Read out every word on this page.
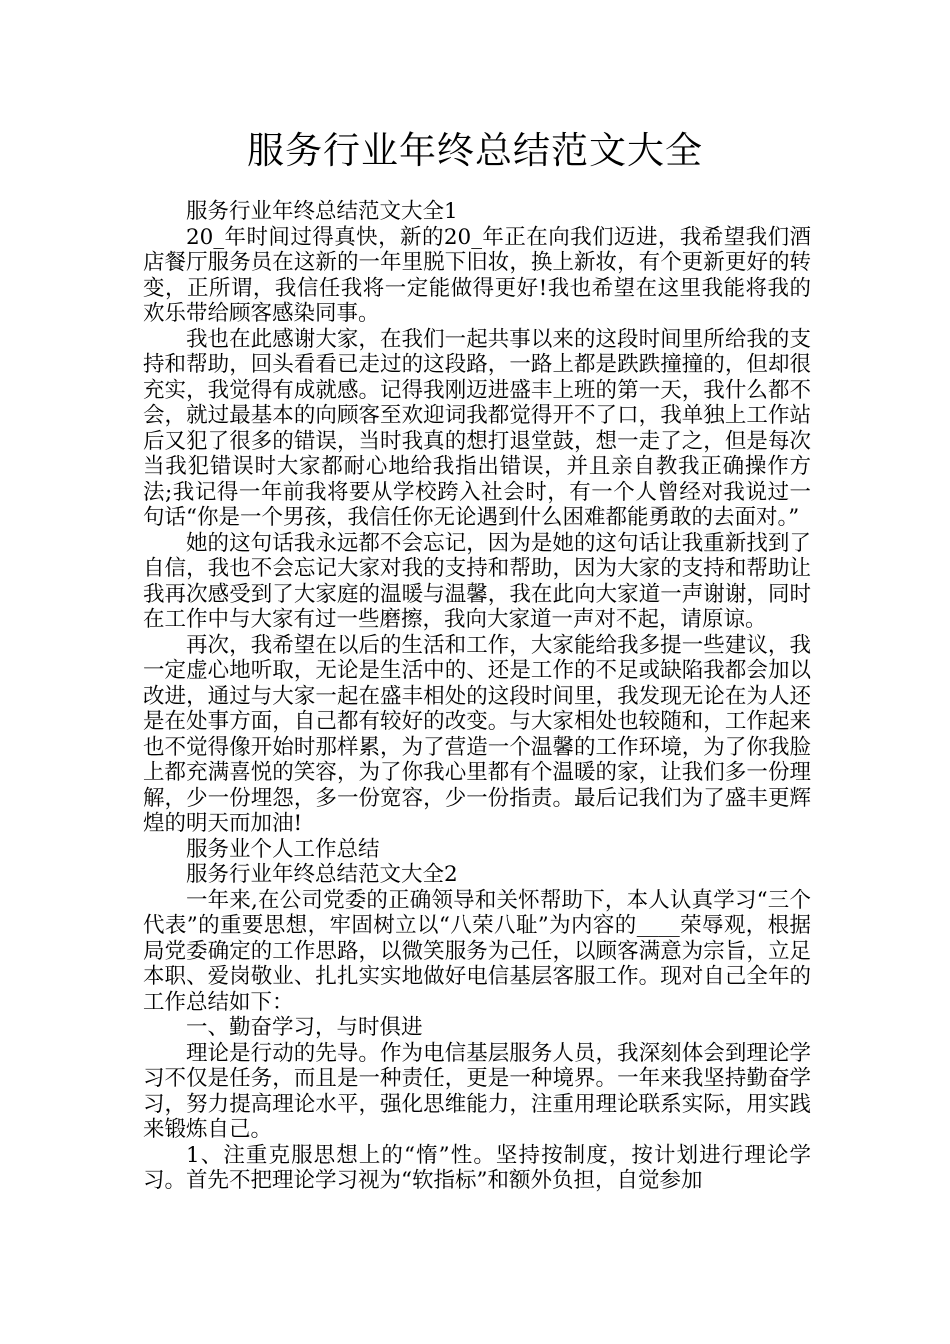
服务行业年终总结范文大全

服务行业年终总结范文大全1

20_年时间过得真快，新的20_年正在向我们迈进，我希望我们酒店餐厅服务员在这新的一年里脱下旧妆，换上新妆，有个更新更好的转变，正所谓，我信任我将一定能做得更好!我也希望在这里我能将我的欢乐带给顾客感染同事。

我也在此感谢大家，在我们一起共事以来的这段时间里所给我的支持和帮助，回头看看已走过的这段路，一路上都是跌跌撞撞的，但却很充实，我觉得有成就感。记得我刚迈进盛丰上班的第一天，我什么都不会，就过最基本的向顾客至欢迎词我都觉得开不了口，我单独上工作站后又犯了很多的错误，当时我真的想打退堂鼓，想一走了之，但是每次当我犯错误时大家都耐心地给我指出错误，并且亲自教我正确操作方法;我记得一年前我将要从学校跨入社会时，有一个人曾经对我说过一句话“你是一个男孩，我信任你无论遇到什么困难都能勇敢的去面对。”

她的这句话我永远都不会忘记，因为是她的这句话让我重新找到了自信，我也不会忘记大家对我的支持和帮助，因为大家的支持和帮助让我再次感受到了大家庭的温暖与温馨，我在此向大家道一声谢谢，同时在工作中与大家有过一些磨擦，我向大家道一声对不起，请原谅。

再次，我希望在以后的生活和工作，大家能给我多提一些建议，我一定虚心地听取，无论是生活中的、还是工作的不足或缺陷我都会加以改进，通过与大家一起在盛丰相处的这段时间里，我发现无论在为人还是在处事方面，自己都有较好的改变。与大家相处也较随和，工作起来也不觉得像开始时那样累，为了营造一个温馨的工作环境，为了你我脸上都充满喜悦的笑容，为了你我心里都有个温暖的家，让我们多一份理解，少一份埋怨，多一份宽容，少一份指责。最后记我们为了盛丰更辉煌的明天而加油!

服务业个人工作总结

服务行业年终总结范文大全2

一年来,在公司党委的正确领导和关怀帮助下，本人认真学习“三个代表”的重要思想，牢固树立以“八荣八耻”为内容的____荣辱观，根据局党委确定的工作思路，以微笑服务为己任，以顾客满意为宗旨，立足本职、爱岗敬业、扎扎实实地做好电信基层客服工作。现对自己全年的工作总结如下：

一、勤奋学习，与时俱进

理论是行动的先导。作为电信基层服务人员，我深刻体会到理论学习不仅是任务，而且是一种责任，更是一种境界。一年来我坚持勤奋学习，努力提高理论水平，强化思维能力，注重用理论联系实际，用实践来锻炼自己。

1、注重克服思想上的“惰”性。坚持按制度，按计划进行理论学习。首先不把理论学习视为“软指标”和额外负担，自觉参加
